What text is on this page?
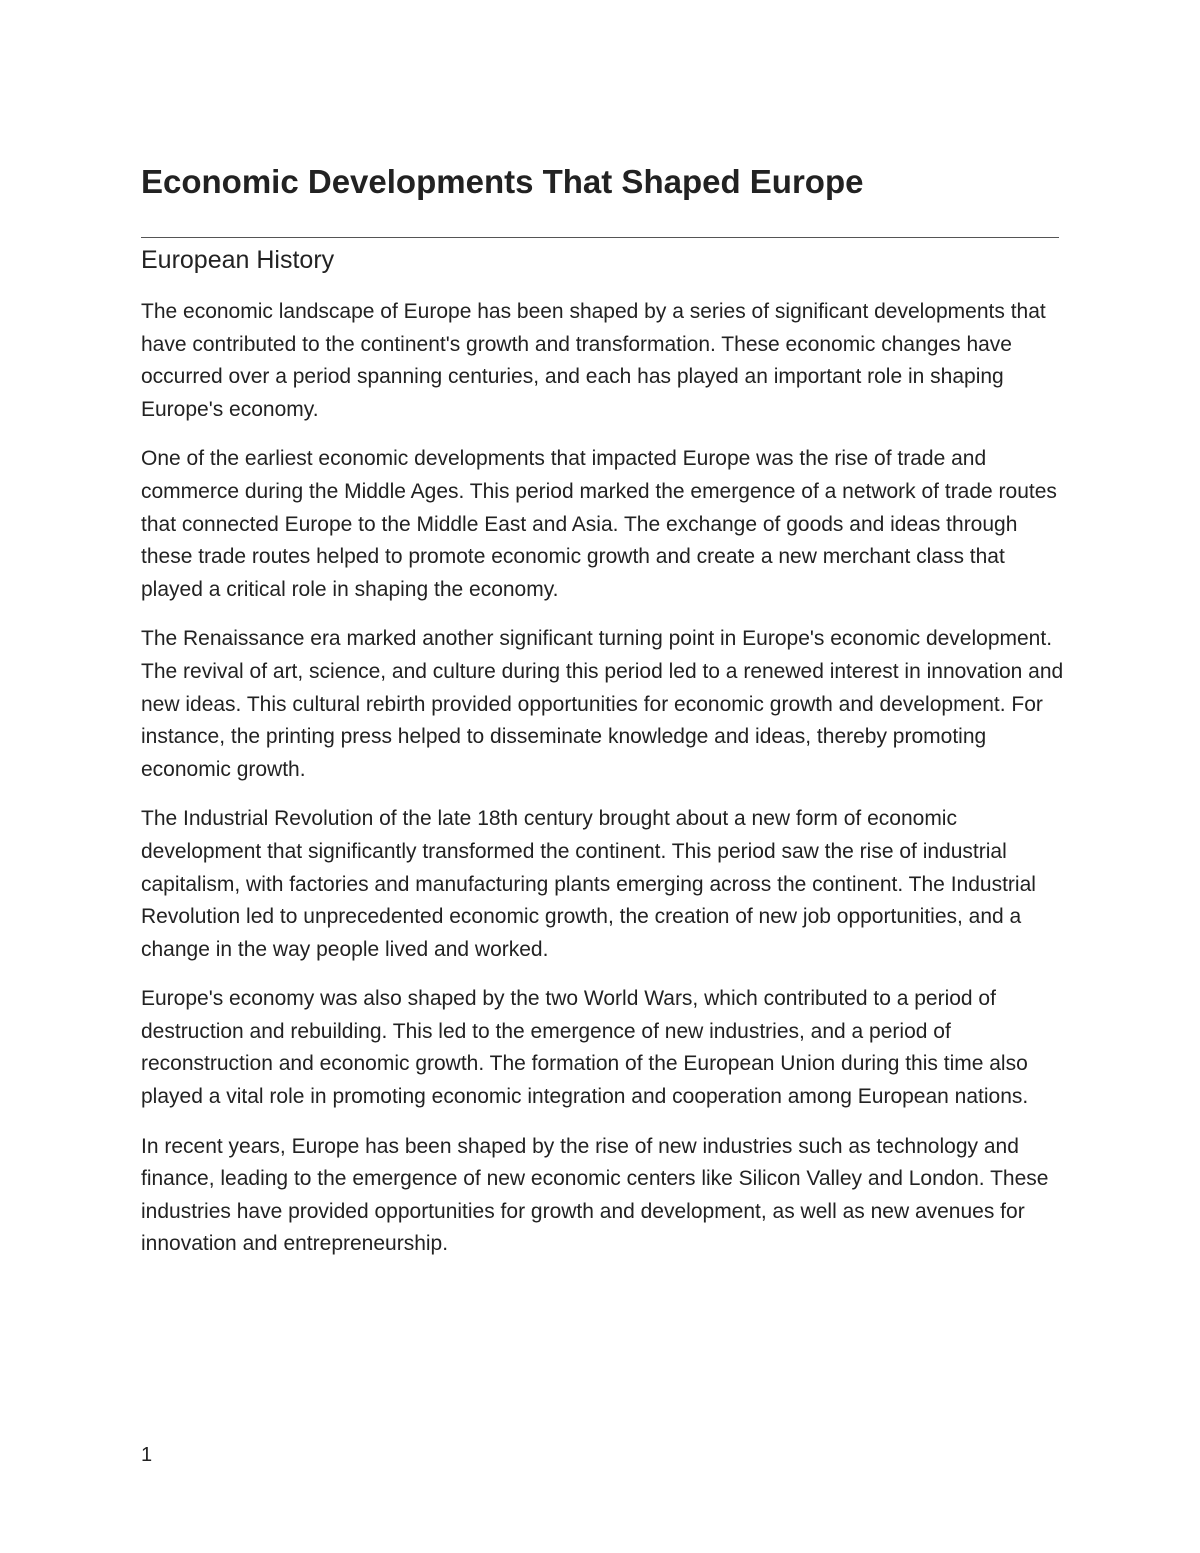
Economic Developments That Shaped Europe
European History

The economic landscape of Europe has been shaped by a series of significant developments that have contributed to the continent's growth and transformation. These economic changes have occurred over a period spanning centuries, and each has played an important role in shaping Europe's economy.

One of the earliest economic developments that impacted Europe was the rise of trade and commerce during the Middle Ages. This period marked the emergence of a network of trade routes that connected Europe to the Middle East and Asia. The exchange of goods and ideas through these trade routes helped to promote economic growth and create a new merchant class that played a critical role in shaping the economy.

The Renaissance era marked another significant turning point in Europe's economic development. The revival of art, science, and culture during this period led to a renewed interest in innovation and new ideas. This cultural rebirth provided opportunities for economic growth and development. For instance, the printing press helped to disseminate knowledge and ideas, thereby promoting economic growth.

The Industrial Revolution of the late 18th century brought about a new form of economic development that significantly transformed the continent. This period saw the rise of industrial capitalism, with factories and manufacturing plants emerging across the continent. The Industrial Revolution led to unprecedented economic growth, the creation of new job opportunities, and a change in the way people lived and worked.

Europe's economy was also shaped by the two World Wars, which contributed to a period of destruction and rebuilding. This led to the emergence of new industries, and a period of reconstruction and economic growth. The formation of the European Union during this time also played a vital role in promoting economic integration and cooperation among European nations.

In recent years, Europe has been shaped by the rise of new industries such as technology and finance, leading to the emergence of new economic centers like Silicon Valley and London. These industries have provided opportunities for growth and development, as well as new avenues for innovation and entrepreneurship.

1
